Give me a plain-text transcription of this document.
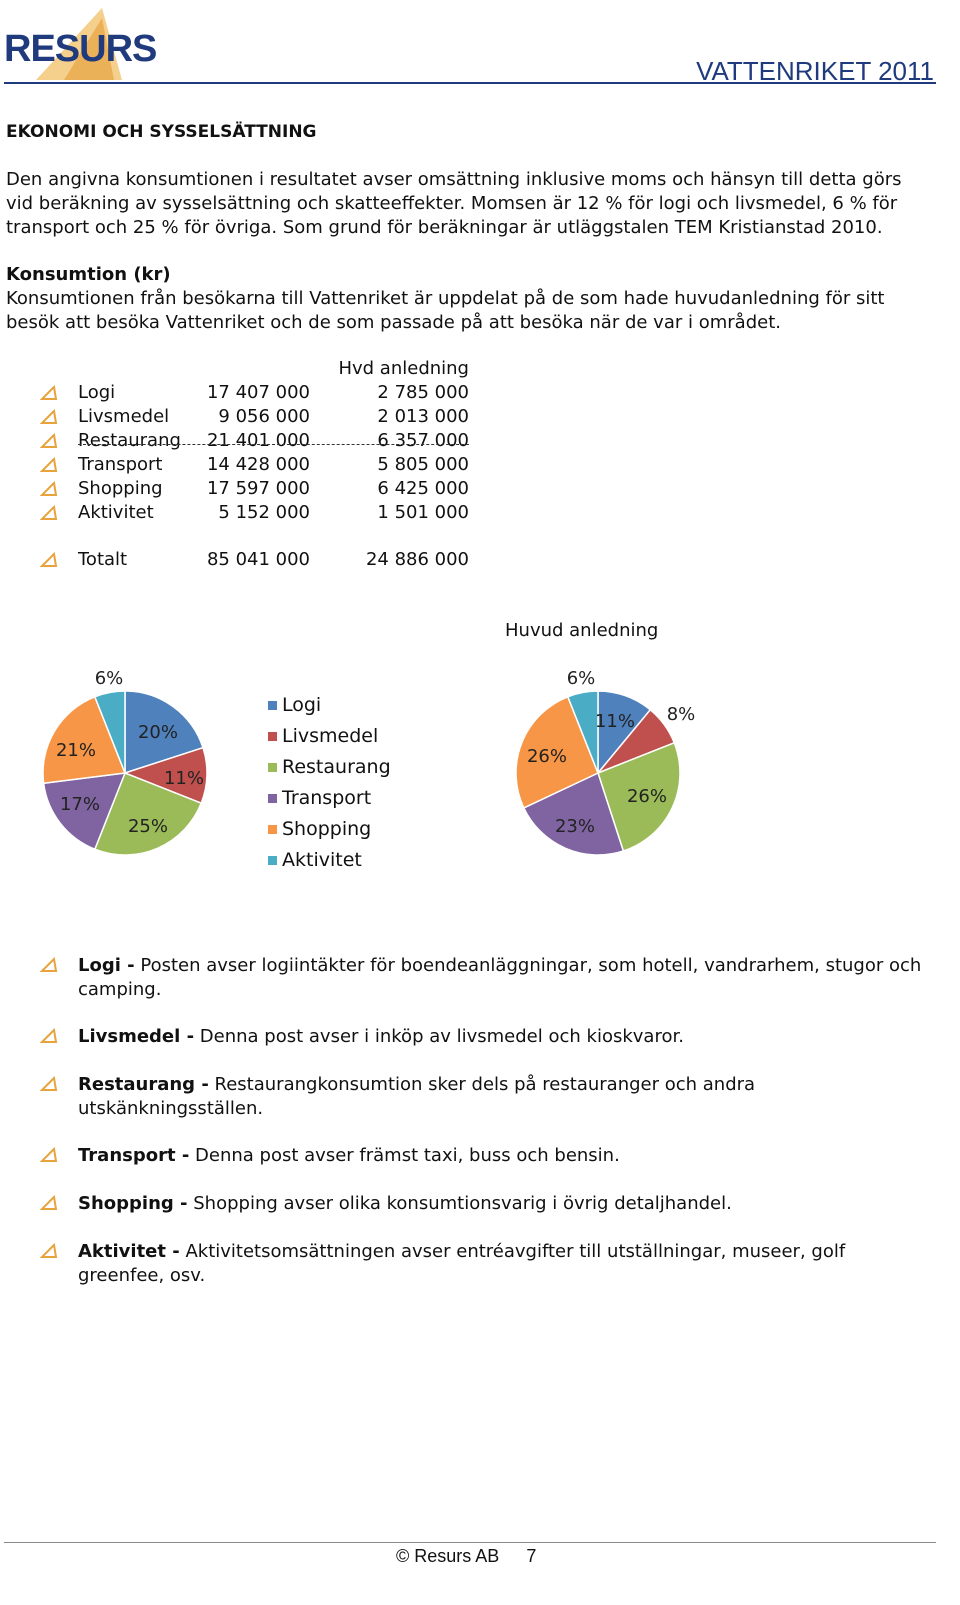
RESURS
VATTENRIKET 2011
EKONOMI OCH SYSSELSÄTTNING
Den angivna konsumtionen i resultatet avser omsättning inklusive moms och hänsyn till detta görs
vid beräkning av sysselsättning och skatteeffekter. Momsen är 12 % för logi och livsmedel, 6 % för
transport och 25 % för övriga. Som grund för beräkningar är utläggstalen TEM Kristianstad 2010.
Konsumtion (kr)
Konsumtionen från besökarna till Vattenriket är uppdelat på de som hade huvudanledning för sitt
besök att besöka Vattenriket och de som passade på att besöka när de var i området.
Hvd anledning
Logi	17 407 000	2 785 000
Livsmedel	9 056 000	2 013 000
Restaurang	21 401 000	6 357 000
Transport	14 428 000	5 805 000
Shopping	17 597 000	6 425 000
Aktivitet	5 152 000	1 501 000
Totalt	85 041 000	24 886 000
Huvud anledning
20%
11%
25%
17%
21%
6%
11% 8%
26%
23%
26%
6%
Logi
Livsmedel
Restaurang
Transport
Shopping
Aktivitet
Logi - Posten avser logiintäkter för boendeanläggningar, som hotell, vandrarhem, stugor och
camping.
Livsmedel - Denna post avser i inköp av livsmedel och kioskvaror.
Restaurang - Restaurangkonsumtion sker dels på restauranger och andra
utskänkningsställen.
Transport - Denna post avser främst taxi, buss och bensin.
Shopping - Shopping avser olika konsumtionsvarig i övrig detaljhandel.
Aktivitet - Aktivitetsomsättningen avser entréavgifter till utställningar, museer, golf
greenfee, osv.
© Resurs AB 7
